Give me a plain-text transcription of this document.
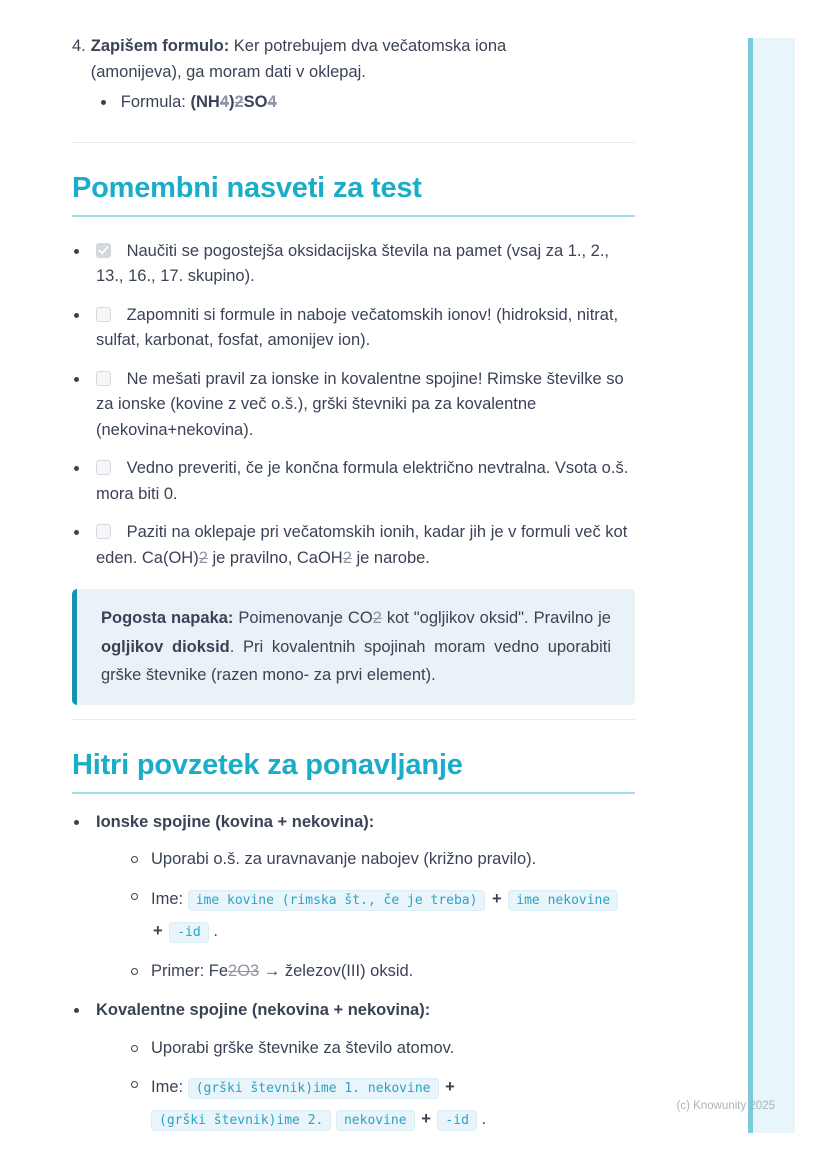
4. Zapišem formulo: Ker potrebujem dva večatomska iona (amonijeva), ga moram dati v oklepaj.

Formula: (NH4)2SO4
Pomembni nasveti za test
Naučiti se pogostejša oksidacijska števila na pamet (vsaj za 1., 2., 13., 16., 17. skupino).
Zapomniti si formule in naboje večatomskih ionov! (hidroksid, nitrat, sulfat, karbonat, fosfat, amonijev ion).
Ne mešati pravil za ionske in kovalentne spojine! Rimske številke so za ionske (kovine z več o.š.), grški števniki pa za kovalentne (nekovina+nekovina).
Vedno preveriti, če je končna formula električno nevtralna. Vsota o.š. mora biti 0.
Paziti na oklepaje pri večatomskih ionih, kadar jih je v formuli več kot eden. Ca(OH)2 je pravilno, CaOH2 je narobe.

Pogosta napaka: Poimenovanje CO2 kot "ogljikov oksid". Pravilno je ogljikov dioksid. Pri kovalentnih spojinah moram vedno uporabiti grške števnike (razen mono- za prvi element).

Hitri povzetek za ponavljanje
Ionske spojine (kovina + nekovina):
Uporabi o.š. za uravnavanje nabojev (križno pravilo).
Ime: ime kovine (rimska št., če je treba) + ime nekovine + -id .
Primer: Fe2O3 → železov(III) oksid.
Kovalentne spojine (nekovina + nekovina):
Uporabi grške števnike za število atomov.
Ime: (grški števnik)ime 1. nekovine + (grški števnik)ime 2. nekovine + -id .
(c) Knowunity 2025
